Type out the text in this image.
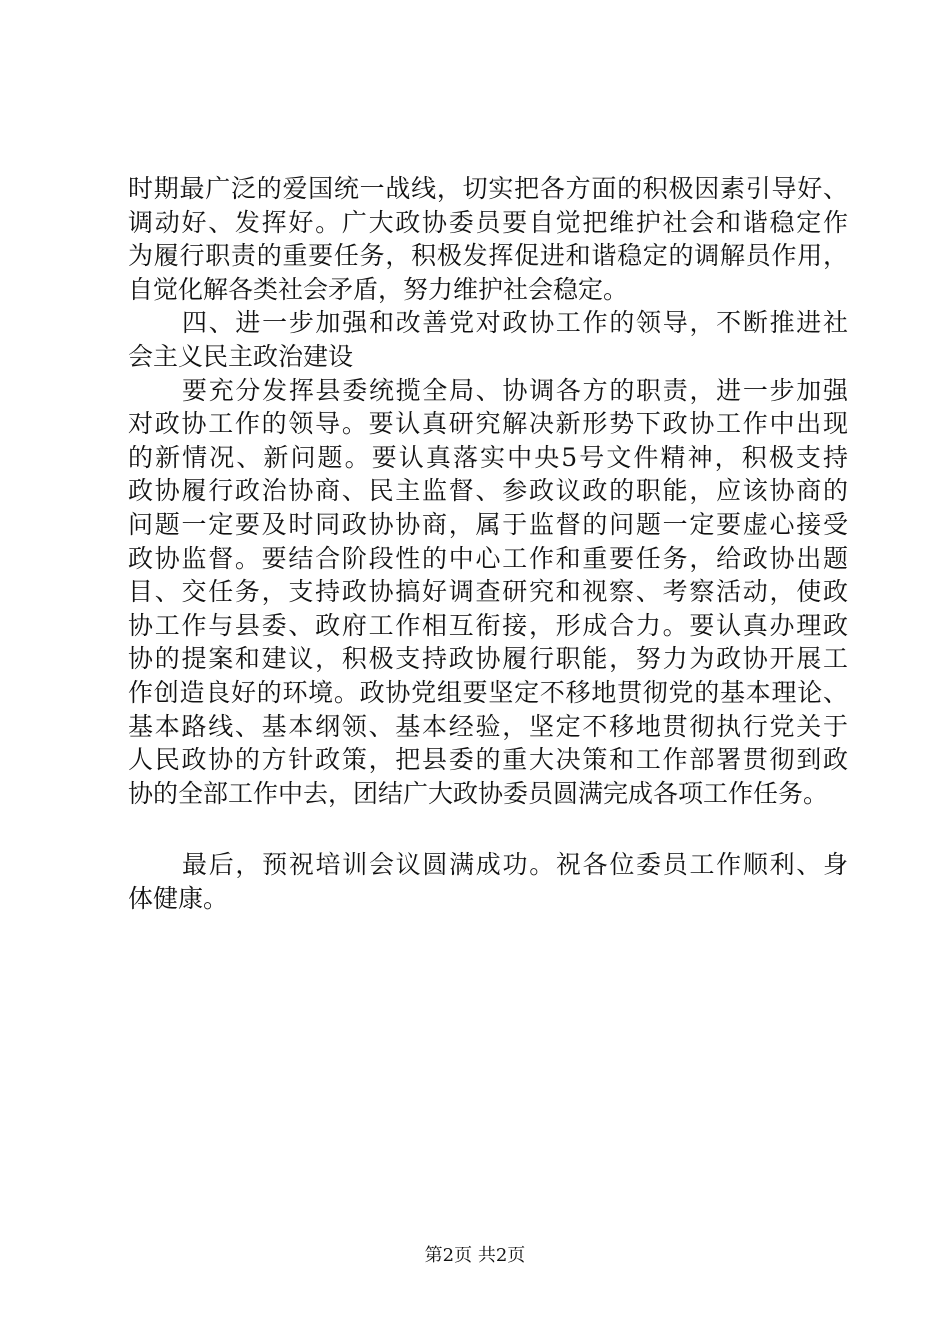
时期最广泛的爱国统一战线，切实把各方面的积极因素引导好、
调动好、发挥好。广大政协委员要自觉把维护社会和谐稳定作
为履行职责的重要任务，积极发挥促进和谐稳定的调解员作用，
自觉化解各类社会矛盾，努力维护社会稳定。
四、进一步加强和改善党对政协工作的领导，不断推进社
会主义民主政治建设
要充分发挥县委统揽全局、协调各方的职责，进一步加强
对政协工作的领导。要认真研究解决新形势下政协工作中出现
的新情况、新问题。要认真落实中央5号文件精神，积极支持
政协履行政治协商、民主监督、参政议政的职能，应该协商的
问题一定要及时同政协协商，属于监督的问题一定要虚心接受
政协监督。要结合阶段性的中心工作和重要任务，给政协出题
目、交任务，支持政协搞好调查研究和视察、考察活动，使政
协工作与县委、政府工作相互衔接，形成合力。要认真办理政
协的提案和建议，积极支持政协履行职能，努力为政协开展工
作创造良好的环境。政协党组要坚定不移地贯彻党的基本理论、
基本路线、基本纲领、基本经验，坚定不移地贯彻执行党关于
人民政协的方针政策，把县委的重大决策和工作部署贯彻到政
协的全部工作中去，团结广大政协委员圆满完成各项工作任务。
最后，预祝培训会议圆满成功。祝各位委员工作顺利、身
体健康。
第2页 共2页
